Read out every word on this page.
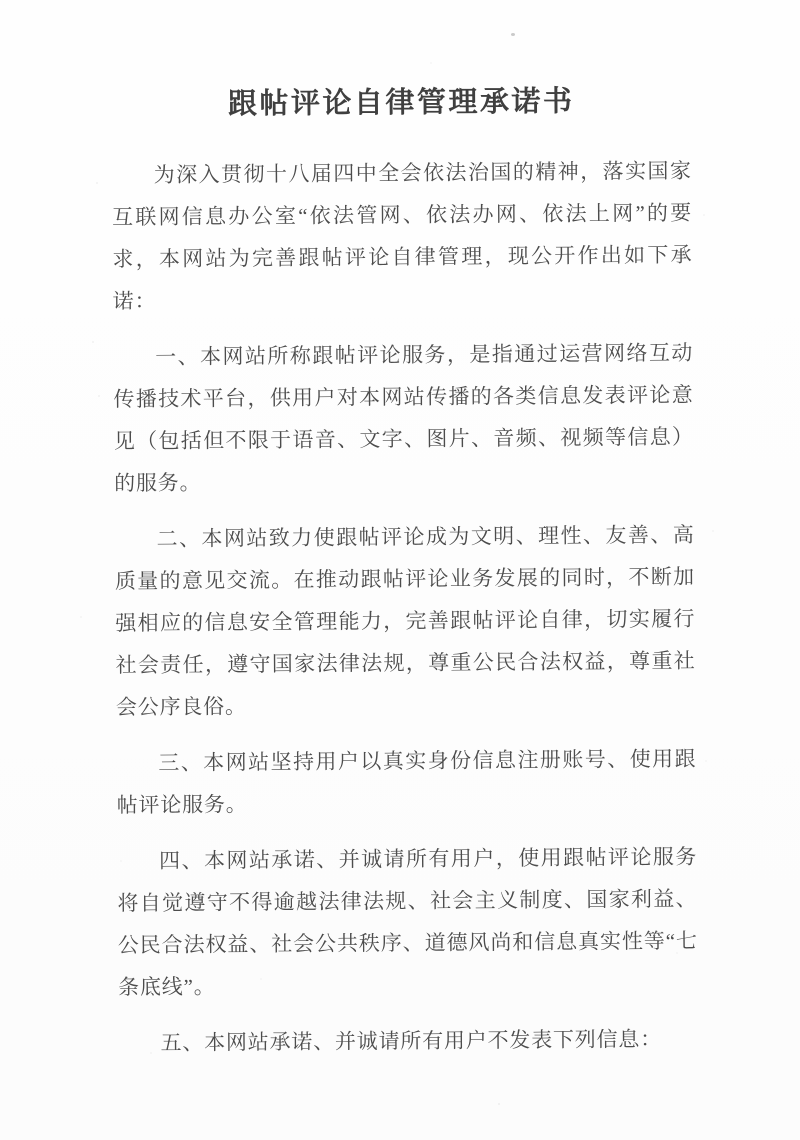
跟帖评论自律管理承诺书

为深入贯彻十八届四中全会依法治国的精神，落实国家互联网信息办公室“依法管网、依法办网、依法上网”的要求，本网站为完善跟帖评论自律管理，现公开作出如下承诺：

一、本网站所称跟帖评论服务，是指通过运营网络互动传播技术平台，供用户对本网站传播的各类信息发表评论意见（包括但不限于语音、文字、图片、音频、视频等信息）的服务。

二、本网站致力使跟帖评论成为文明、理性、友善、高质量的意见交流。在推动跟帖评论业务发展的同时，不断加强相应的信息安全管理能力，完善跟帖评论自律，切实履行社会责任，遵守国家法律法规，尊重公民合法权益，尊重社会公序良俗。

三、本网站坚持用户以真实身份信息注册账号、使用跟帖评论服务。

四、本网站承诺、并诚请所有用户，使用跟帖评论服务将自觉遵守不得逾越法律法规、社会主义制度、国家利益、公民合法权益、社会公共秩序、道德风尚和信息真实性等“七条底线”。

五、本网站承诺、并诚请所有用户不发表下列信息：
